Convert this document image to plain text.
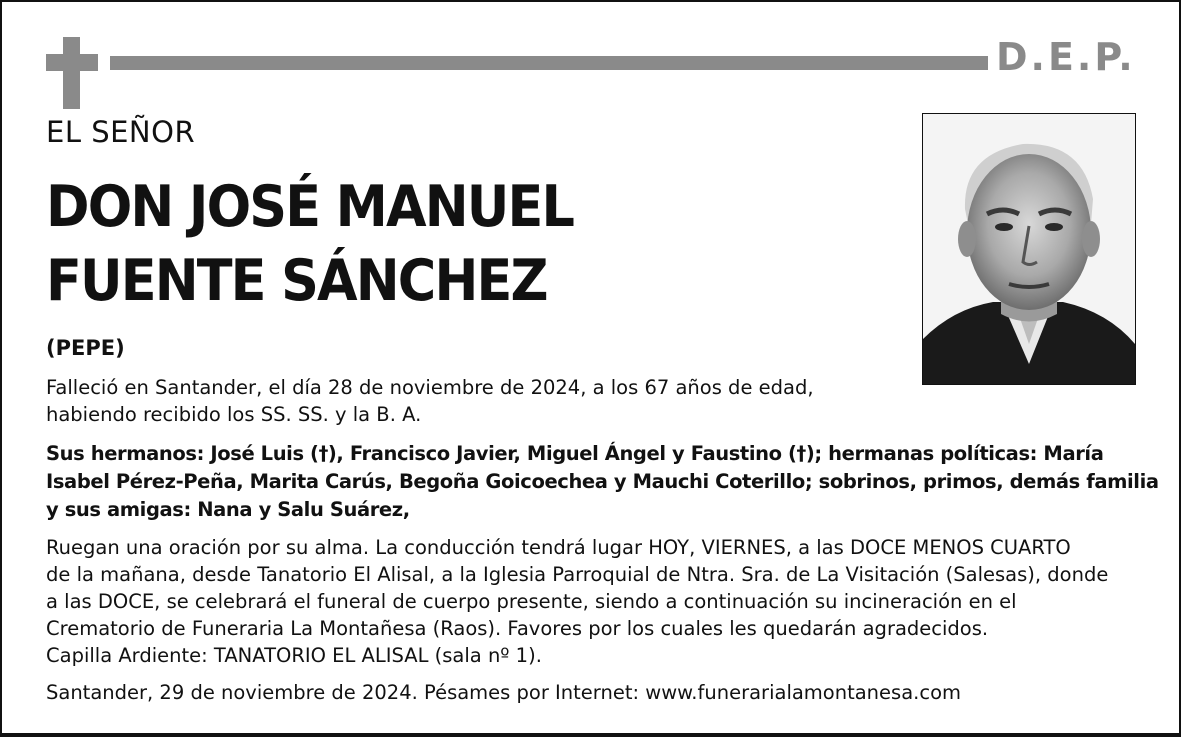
D.E.P.
EL SEÑOR
DON JOSÉ MANUEL
FUENTE SÁNCHEZ
(PEPE)
Falleció en Santander, el día 28 de noviembre de 2024, a los 67 años de edad,
habiendo recibido los SS. SS. y la B. A.
Sus hermanos: José Luis (†), Francisco Javier, Miguel Ángel y Faustino (†); hermanas políticas: María
Isabel Pérez-Peña, Marita Carús, Begoña Goicoechea y Mauchi Coterillo; sobrinos, primos, demás familia
y sus amigas: Nana y Salu Suárez,
Ruegan una oración por su alma. La conducción tendrá lugar HOY, VIERNES, a las DOCE MENOS CUARTO
de la mañana, desde Tanatorio El Alisal, a la Iglesia Parroquial de Ntra. Sra. de La Visitación (Salesas), donde
a las DOCE, se celebrará el funeral de cuerpo presente, siendo a continuación su incineración en el
Crematorio de Funeraria La Montañesa (Raos). Favores por los cuales les quedarán agradecidos.
Capilla Ardiente: TANATORIO EL ALISAL (sala nº 1).
Santander, 29 de noviembre de 2024. Pésames por Internet: www.funerarialamontanesa.com
